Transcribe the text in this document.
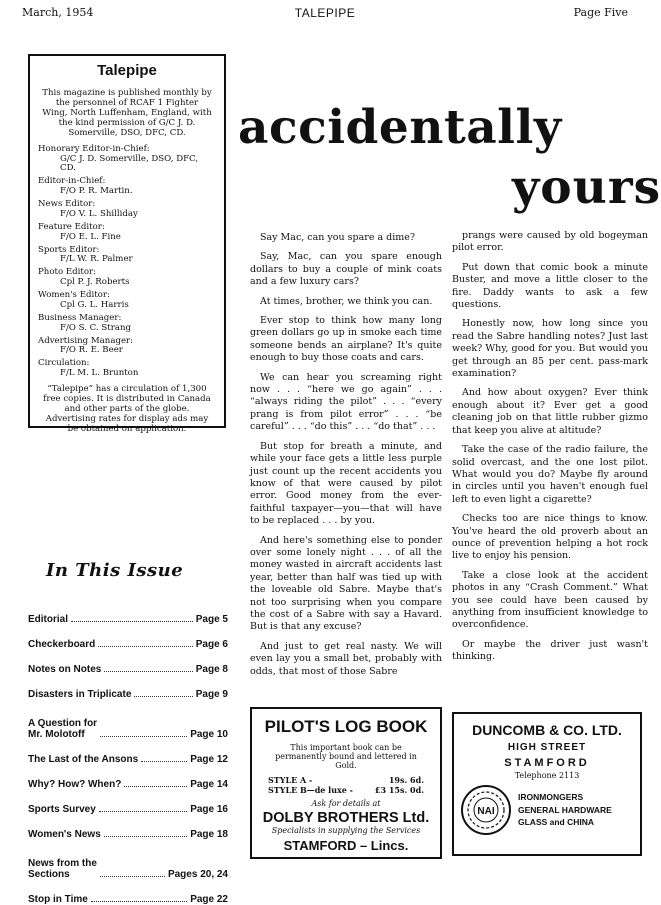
March, 1954	TALEPIPE	Page Five
Talepipe
This magazine is published monthly by the personnel of RCAF 1 Fighter Wing, North Luffenham, England, with the kind permission of G/C J. D. Somerville, DSO, DFC, CD.
Honorary Editor-in-Chief:
G/C J. D. Somerville, DSO, DFC, CD.
Editor-in-Chief:
F/O P. R. Martin.
News Editor:
F/O V. L. Shilliday
Feature Editor:
F/O E. L. Fine
Sports Editor:
F/L W. R. Palmer
Photo Editor:
Cpl P. J. Roberts
Women's Editor:
Cpl G. L. Harris
Business Manager:
F/O S. C. Strang
Advertising Manager:
F/O R. E. Beer
Circulation:
F/L M. L. Brunton
“Talepipe” has a circulation of 1,300 free copies. It is distributed in Canada and other parts of the globe. Advertising rates for display ads may be obtained on application.
In This Issue
Editorial	Page 5
Checkerboard	Page 6
Notes on Notes	Page 8
Disasters in Triplicate	Page 9
A Question for
Mr. Molotoff	Page 10
The Last of the Ansons	Page 12
Why? How? When?	Page 14
Sports Survey	Page 16
Women's News	Page 18
News from the
Sections	Pages 20, 24
Stop in Time	Page 22
accidentally
yours

Say Mac, can you spare a dime?

Say, Mac, can you spare enough dollars to buy a couple of mink coats and a few luxury cars?

At times, brother, we think you can.

Ever stop to think how many long green dollars go up in smoke each time someone bends an airplane? It's quite enough to buy those coats and cars.

We can hear you screaming right now . . . “here we go again” . . . “always riding the pilot” . . . “every prang is from pilot error” . . . “be careful” . . . “do this” . . . “do that” . . .

But stop for breath a minute, and while your face gets a little less purple just count up the recent accidents you know of that were caused by pilot error. Good money from the ever-faithful taxpayer—you—that will have to be replaced . . . by you.

And here's something else to ponder over some lonely night . . . of all the money wasted in aircraft accidents last year, better than half was tied up with the loveable old Sabre. Maybe that's not too surprising when you compare the cost of a Sabre with say a Havard. But is that any excuse?

And just to get real nasty. We will even lay you a small bet, probably with odds, that most of those Sabre

prangs were caused by old bogeyman pilot error.

Put down that comic book a minute Buster, and move a little closer to the fire. Daddy wants to ask a few questions.

Honestly now, how long since you read the Sabre handling notes? Just last week? Why, good for you. But would you get through an 85 per cent. pass-mark examination?

And how about oxygen? Ever think enough about it? Ever get a good cleaning job on that little rubber gizmo that keep you alive at altitude?

Take the case of the radio failure, the solid overcast, and the one lost pilot. What would you do? Maybe fly around in circles until you haven't enough fuel left to even light a cigarette?

Checks too are nice things to know. You've heard the old proverb about an ounce of prevention helping a hot rock live to enjoy his pension.

Take a close look at the accident photos in any “Crash Comment.” What you see could have been caused by anything from insufficient knowledge to overconfidence.

Or maybe the driver just wasn't thinking.

PILOT'S LOG BOOK
This important book can be permanently bound and lettered in Gold.
STYLE A -	19s. 6d.
STYLE B—de luxe -	£3 15s. 0d.
Ask for details at
DOLBY BROTHERS Ltd.
Specialists in supplying the Services
STAMFORD – Lincs.
DUNCOMB & CO. LTD.
HIGH STREET
STAMFORD
Telephone 2113
NAI
IRONMONGERS
GENERAL HARDWARE
GLASS and CHINA
